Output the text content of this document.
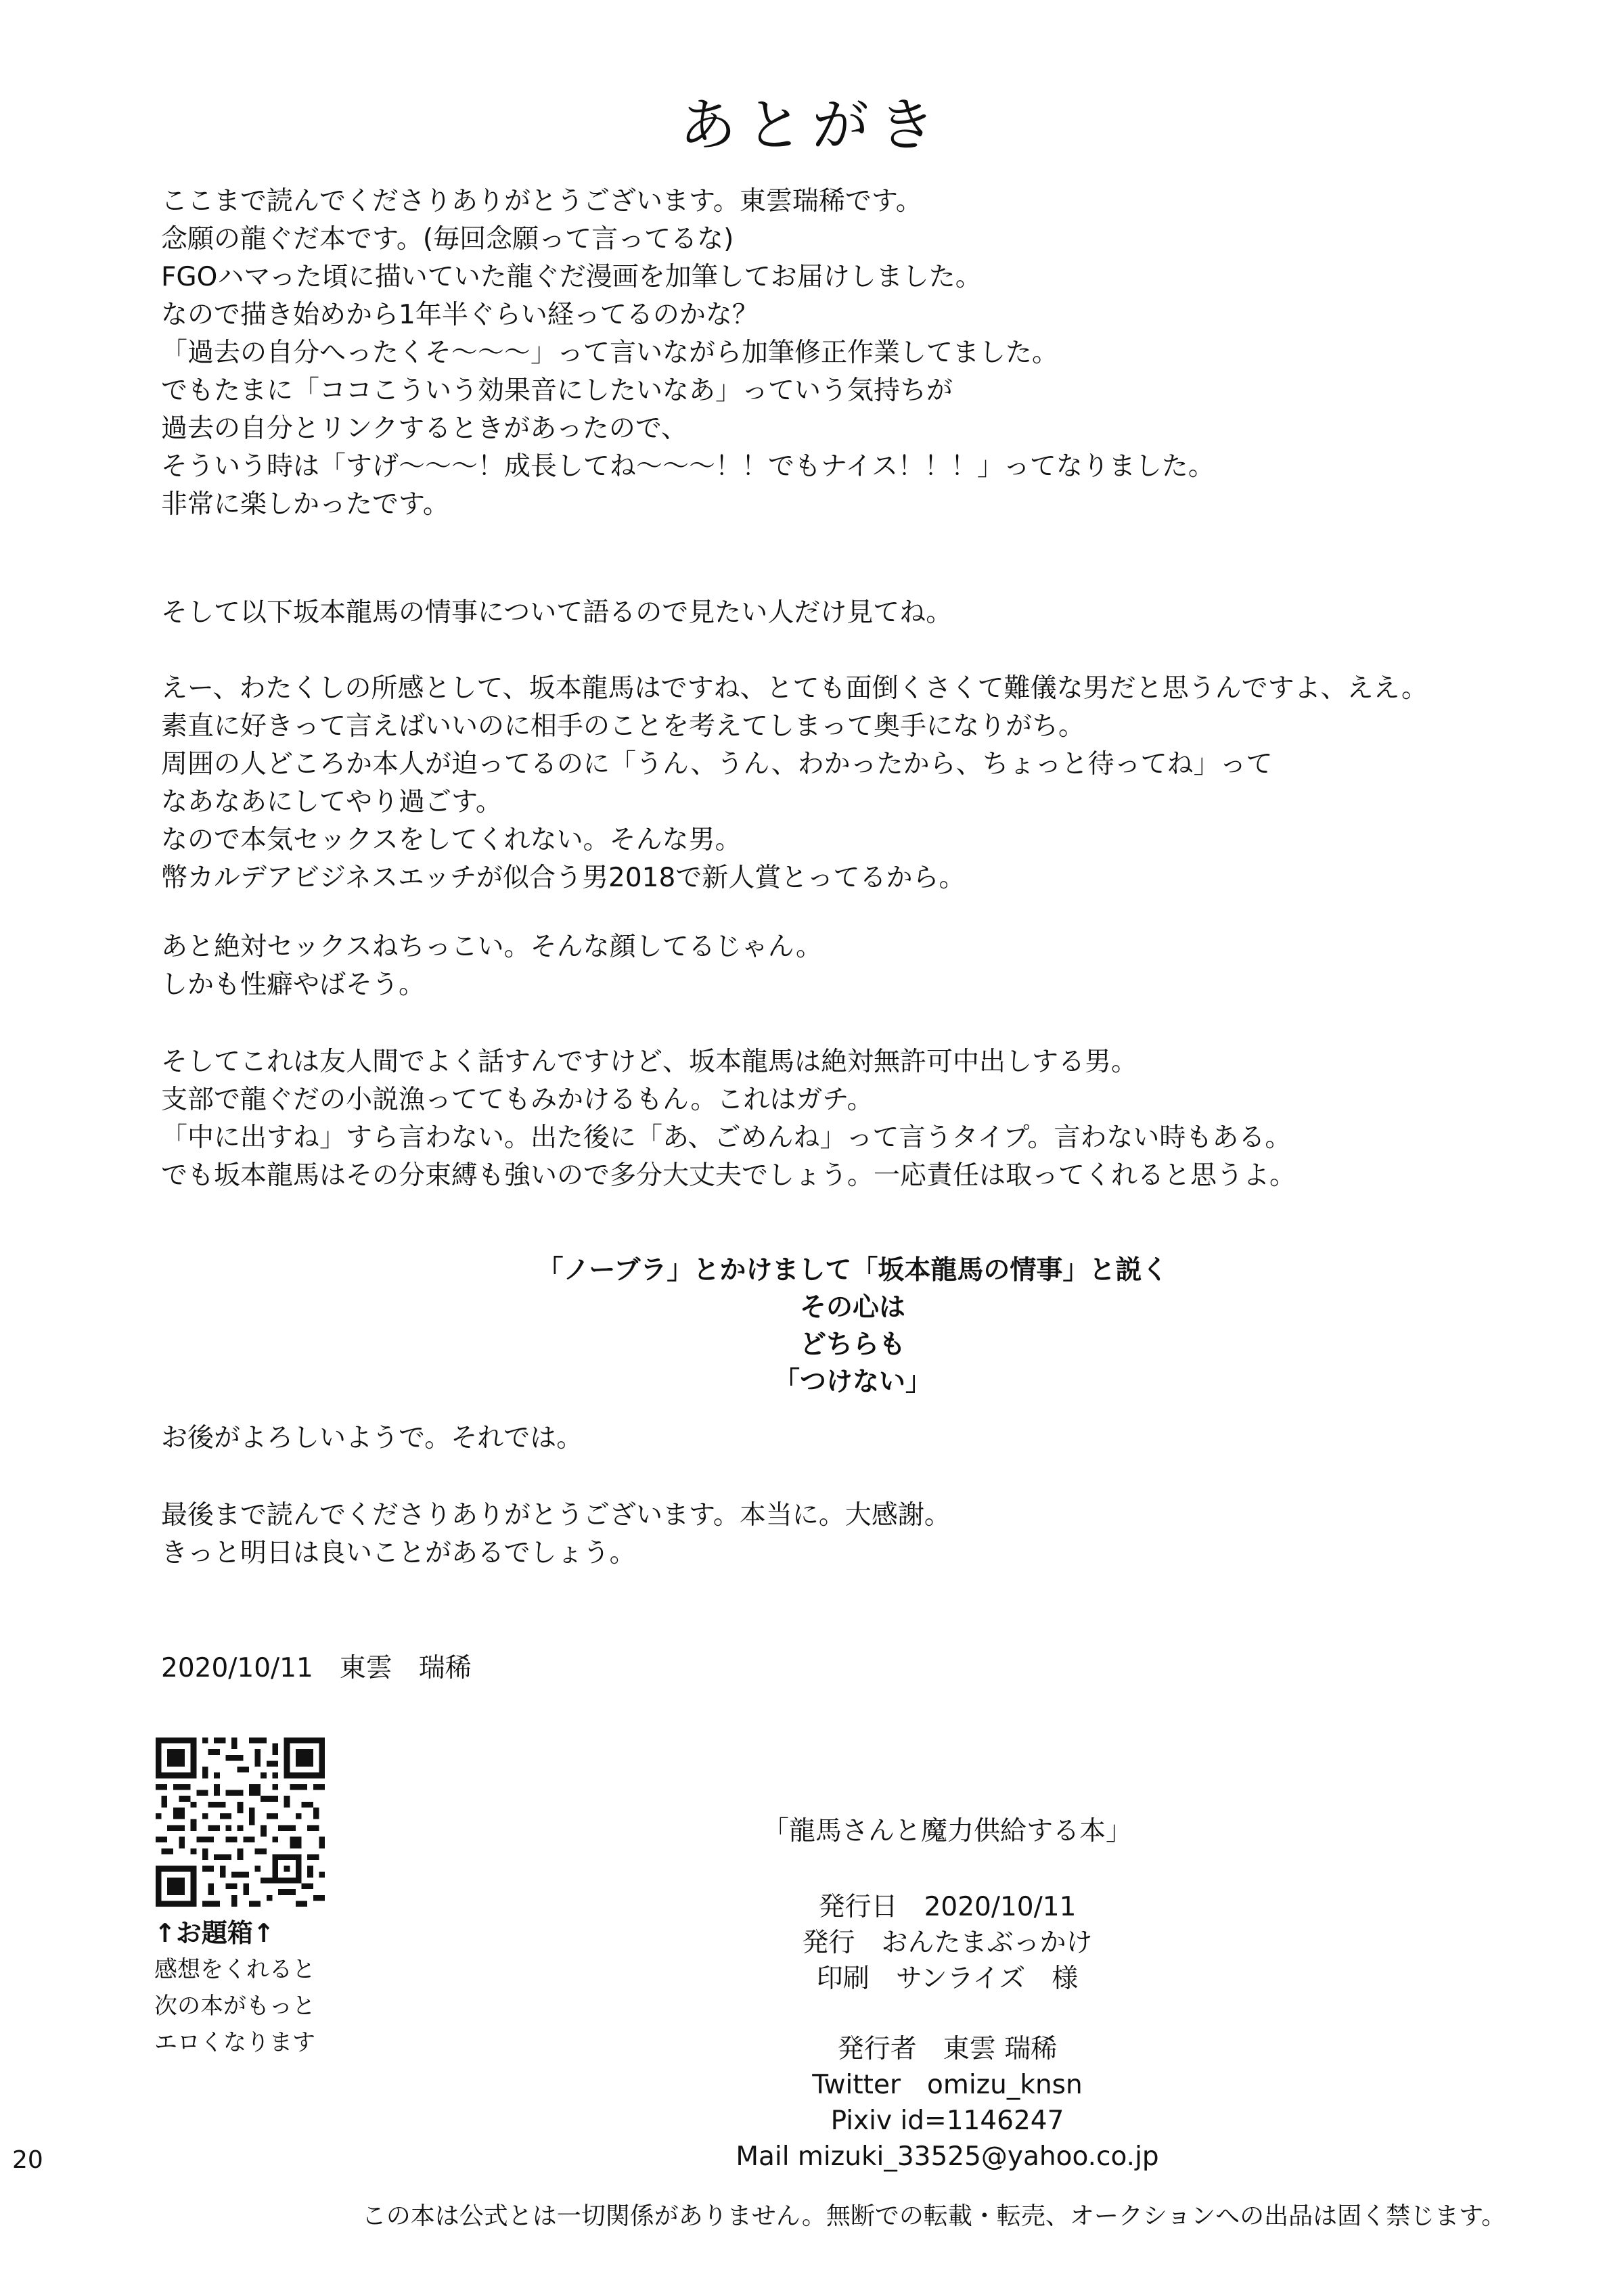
あとがき
ここまで読んでくださりありがとうございます。東雲瑞稀です。
念願の龍ぐだ本です。(毎回念願って言ってるな)
FGOハマった頃に描いていた龍ぐだ漫画を加筆してお届けしました。
なので描き始めから1年半ぐらい経ってるのかな？
「過去の自分へったくそ〜〜〜」って言いながら加筆修正作業してました。
でもたまに「ココこういう効果音にしたいなあ」っていう気持ちが
過去の自分とリンクするときがあったので、
そういう時は「すげ〜〜〜！成長してね〜〜〜！！でもナイス！！！」ってなりました。
非常に楽しかったです。
そして以下坂本龍馬の情事について語るので見たい人だけ見てね。
えー、わたくしの所感として、坂本龍馬はですね、とても面倒くさくて難儀な男だと思うんですよ、ええ。
素直に好きって言えばいいのに相手のことを考えてしまって奥手になりがち。
周囲の人どころか本人が迫ってるのに「うん、うん、わかったから、ちょっと待ってね」って
なあなあにしてやり過ごす。
なので本気セックスをしてくれない。そんな男。
幣カルデアビジネスエッチが似合う男2018で新人賞とってるから。
あと絶対セックスねちっこい。そんな顔してるじゃん。
しかも性癖やばそう。
そしてこれは友人間でよく話すんですけど、坂本龍馬は絶対無許可中出しする男。
支部で龍ぐだの小説漁っててもみかけるもん。これはガチ。
「中に出すね」すら言わない。出た後に「あ、ごめんね」って言うタイプ。言わない時もある。
でも坂本龍馬はその分束縛も強いので多分大丈夫でしょう。一応責任は取ってくれると思うよ。
「ノーブラ」とかけまして「坂本龍馬の情事」と説く
その心は
どちらも
「つけない」
お後がよろしいようで。それでは。
最後まで読んでくださりありがとうございます。本当に。大感謝。
きっと明日は良いことがあるでしょう。
2020/10/11　東雲　瑞稀
↑お題箱↑
感想をくれると
次の本がもっと
エロくなります
「龍馬さんと魔力供給する本」
発行日　2020/10/11
発行　おんたまぶっかけ
印刷　サンライズ　様
発行者　東雲 瑞稀
Twitter　omizu_knsn
Pixiv id=1146247
Mail mizuki_33525@yahoo.co.jp
20
この本は公式とは一切関係がありません。無断での転載・転売、オークションへの出品は固く禁じます。
